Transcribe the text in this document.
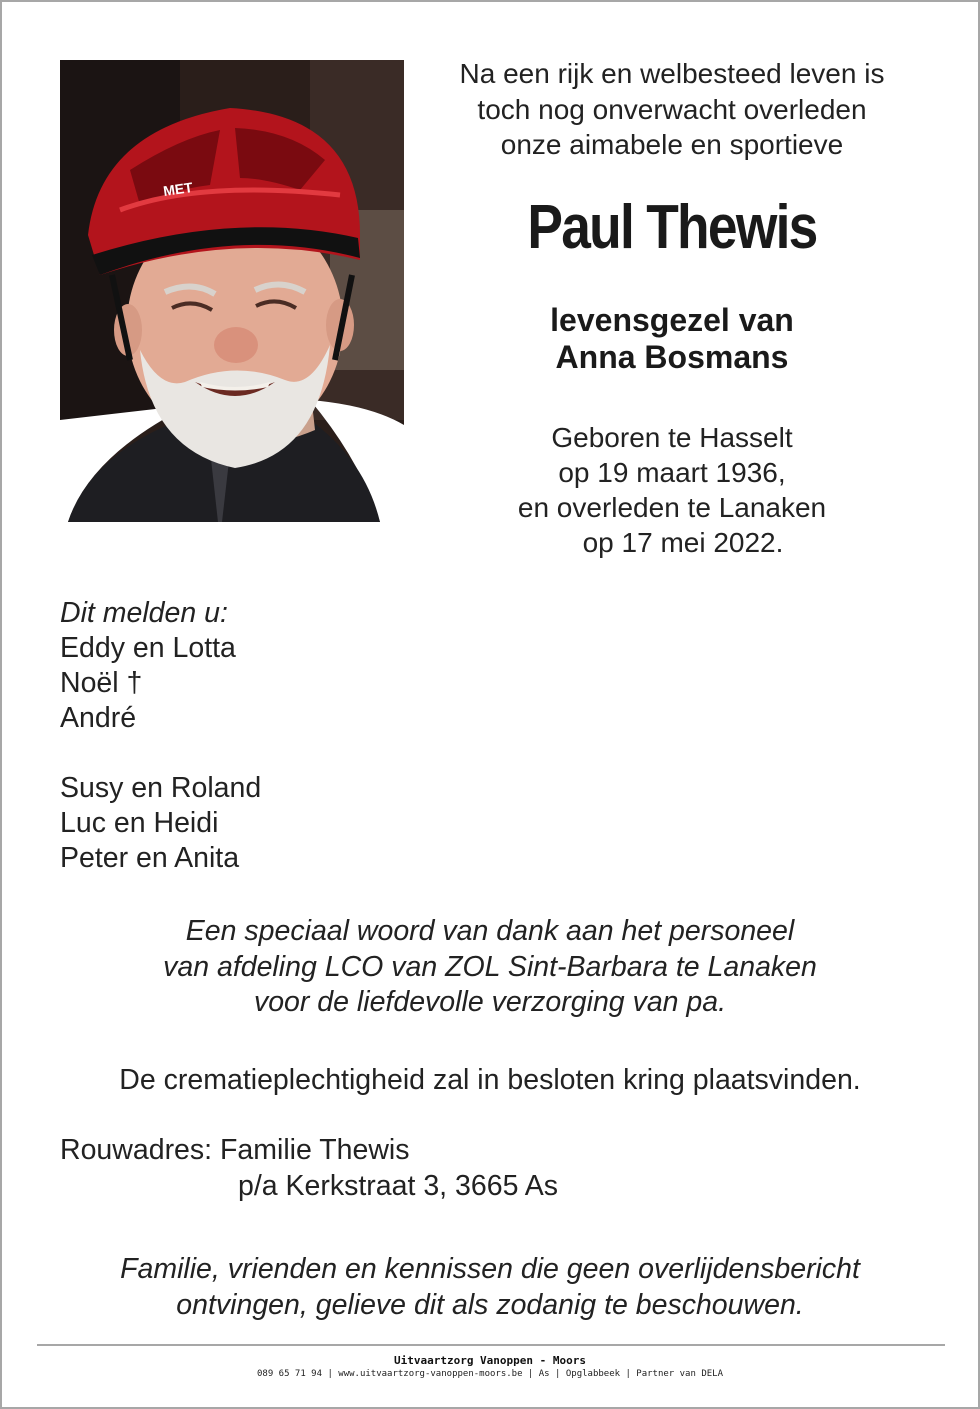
MET
Na een rijk en welbesteed leven is
toch nog onverwacht overleden
onze aimabele en sportieve
Paul Thewis
levensgezel van
Anna Bosmans
Geboren te Hasselt
op 19 maart 1936,
en overleden te Lanaken
op 17 mei 2022.
Dit melden u:
Eddy en Lotta
Noël †
André
Susy en Roland
Luc en Heidi
Peter en Anita
Een speciaal woord van dank aan het personeel
van afdeling LCO van ZOL Sint-Barbara te Lanaken
voor de liefdevolle verzorging van pa.
De crematieplechtigheid zal in besloten kring plaatsvinden.
Rouwadres: Familie Thewis
p/a Kerkstraat 3, 3665 As
Familie, vrienden en kennissen die geen overlijdensbericht
ontvingen, gelieve dit als zodanig te beschouwen.
Uitvaartzorg Vanoppen - Moors
089 65 71 94 | www.uitvaartzorg-vanoppen-moors.be | As | Opglabbeek | Partner van DELA
